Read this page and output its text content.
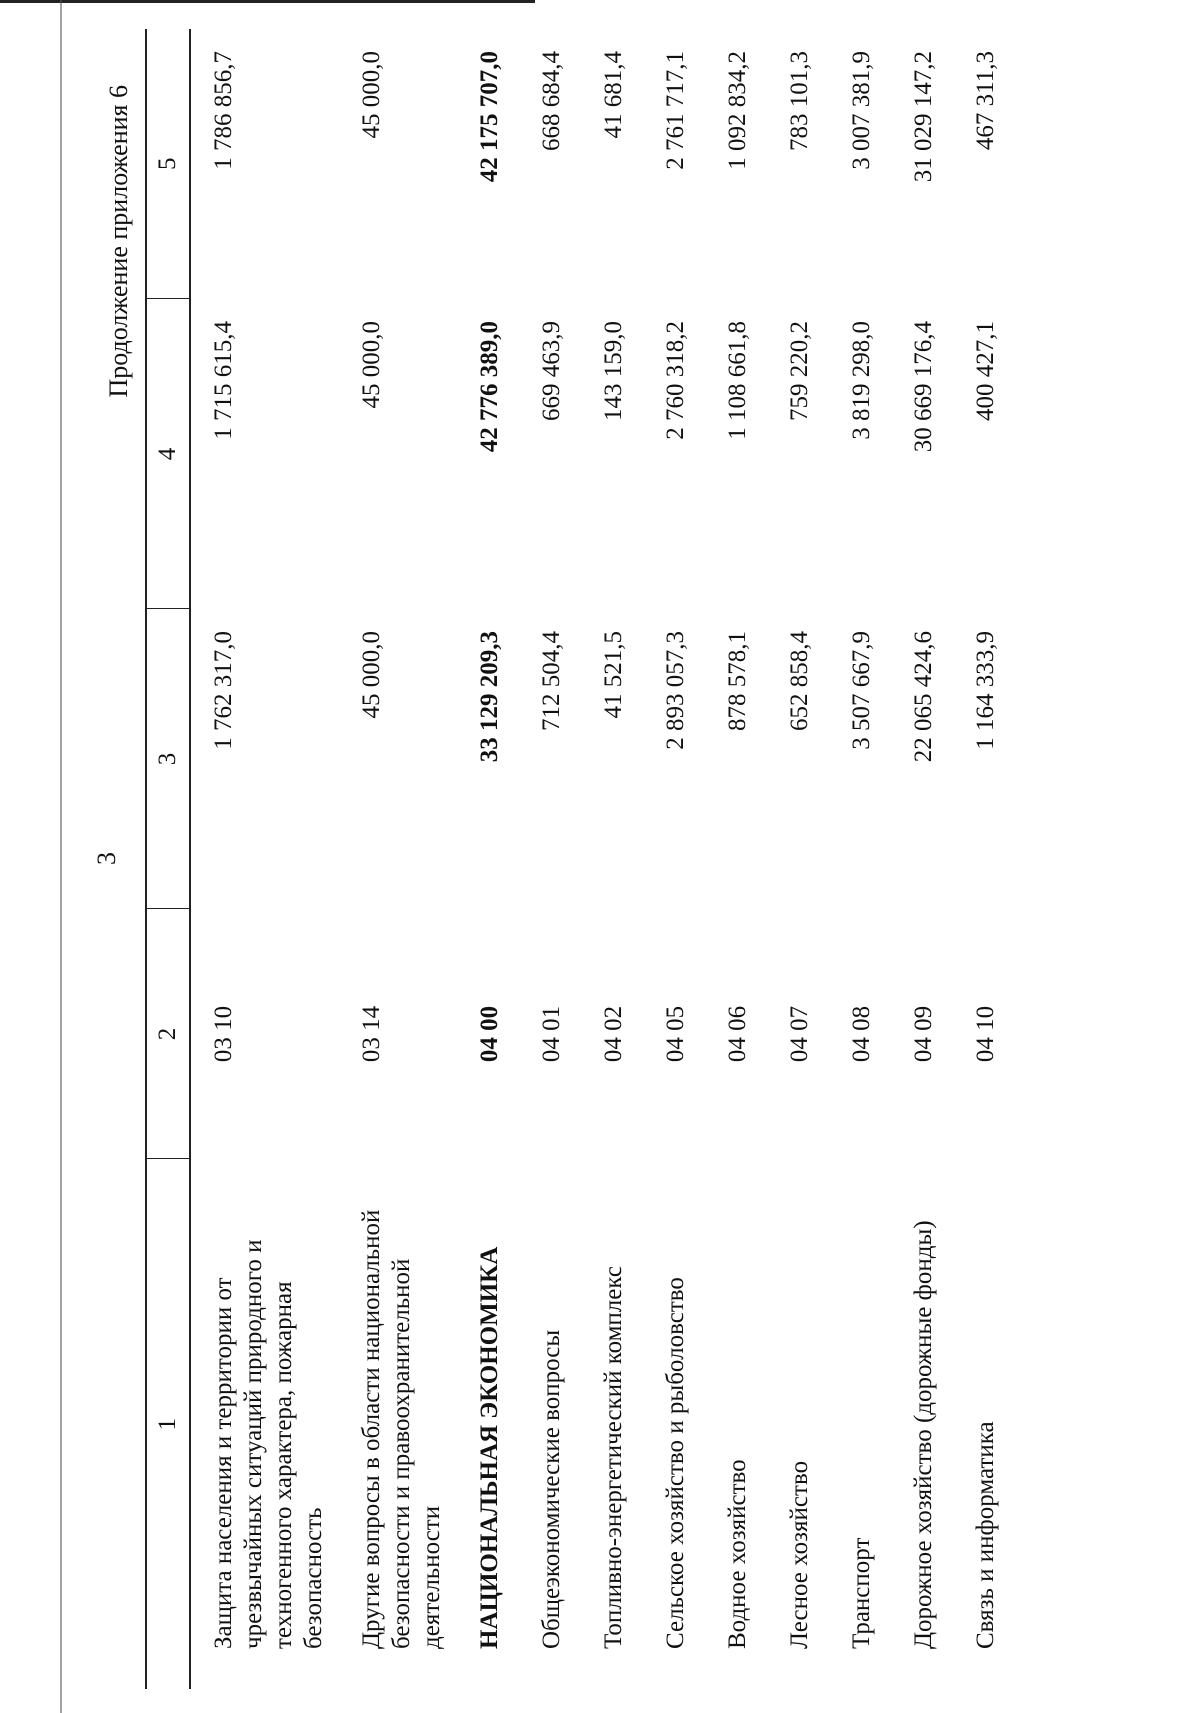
3
Продолжение приложения 6
1	2	3	4	5
Защита населения и территории от чрезвычайных ситуаций природного и техногенного характера, пожарная безопасность	03 10	1 762 317,0	1 715 615,4	1 786 856,7
Другие вопросы в области национальной безопасности и правоохранительной деятельности	03 14	45 000,0	45 000,0	45 000,0
НАЦИОНАЛЬНАЯ ЭКОНОМИКА	04 00	33 129 209,3	42 776 389,0	42 175 707,0
Общеэкономические вопросы	04 01	712 504,4	669 463,9	668 684,4
Топливно-энергетический комплекс	04 02	41 521,5	143 159,0	41 681,4
Сельское хозяйство и рыболовство	04 05	2 893 057,3	2 760 318,2	2 761 717,1
Водное хозяйство	04 06	878 578,1	1 108 661,8	1 092 834,2
Лесное хозяйство	04 07	652 858,4	759 220,2	783 101,3
Транспорт	04 08	3 507 667,9	3 819 298,0	3 007 381,9
Дорожное хозяйство (дорожные фонды)	04 09	22 065 424,6	30 669 176,4	31 029 147,2
Связь и информатика	04 10	1 164 333,9	400 427,1	467 311,3
